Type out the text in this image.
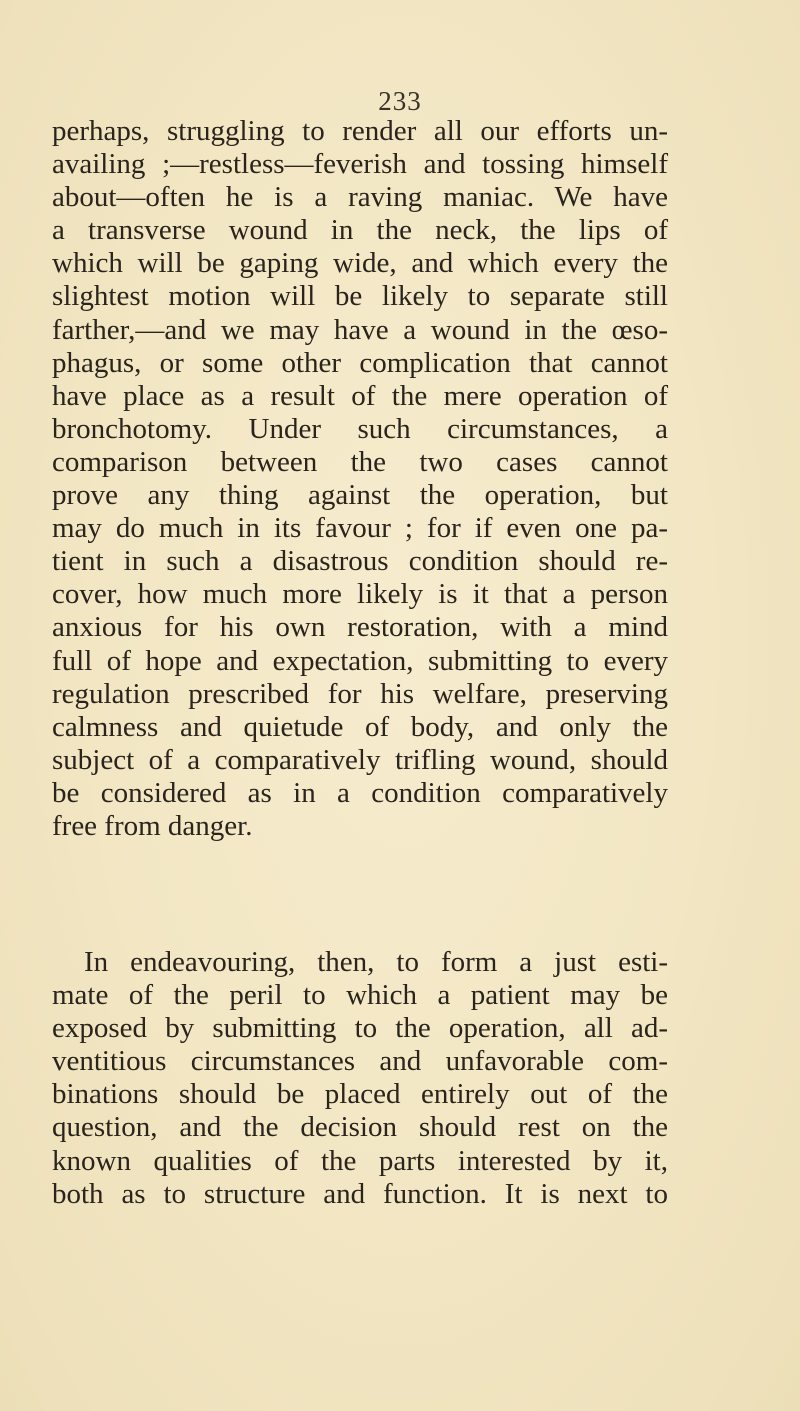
233
perhaps, struggling to render all our efforts un-
availing ;—restless—feverish and tossing himself
about—often he is a raving maniac. We have
a transverse wound in the neck, the lips of
which will be gaping wide, and which every the
slightest motion will be likely to separate still
farther,—and we may have a wound in the œso-
phagus, or some other complication that cannot
have place as a result of the mere operation of
bronchotomy. Under such circumstances, a
comparison between the two cases cannot
prove any thing against the operation, but
may do much in its favour ; for if even one pa-
tient in such a disastrous condition should re-
cover, how much more likely is it that a person
anxious for his own restoration, with a mind
full of hope and expectation, submitting to every
regulation prescribed for his welfare, preserving
calmness and quietude of body, and only the
subject of a comparatively trifling wound, should
be considered as in a condition comparatively
free from danger.
In endeavouring, then, to form a just esti-
mate of the peril to which a patient may be
exposed by submitting to the operation, all ad-
ventitious circumstances and unfavorable com-
binations should be placed entirely out of the
question, and the decision should rest on the
known qualities of the parts interested by it,
both as to structure and function. It is next to
